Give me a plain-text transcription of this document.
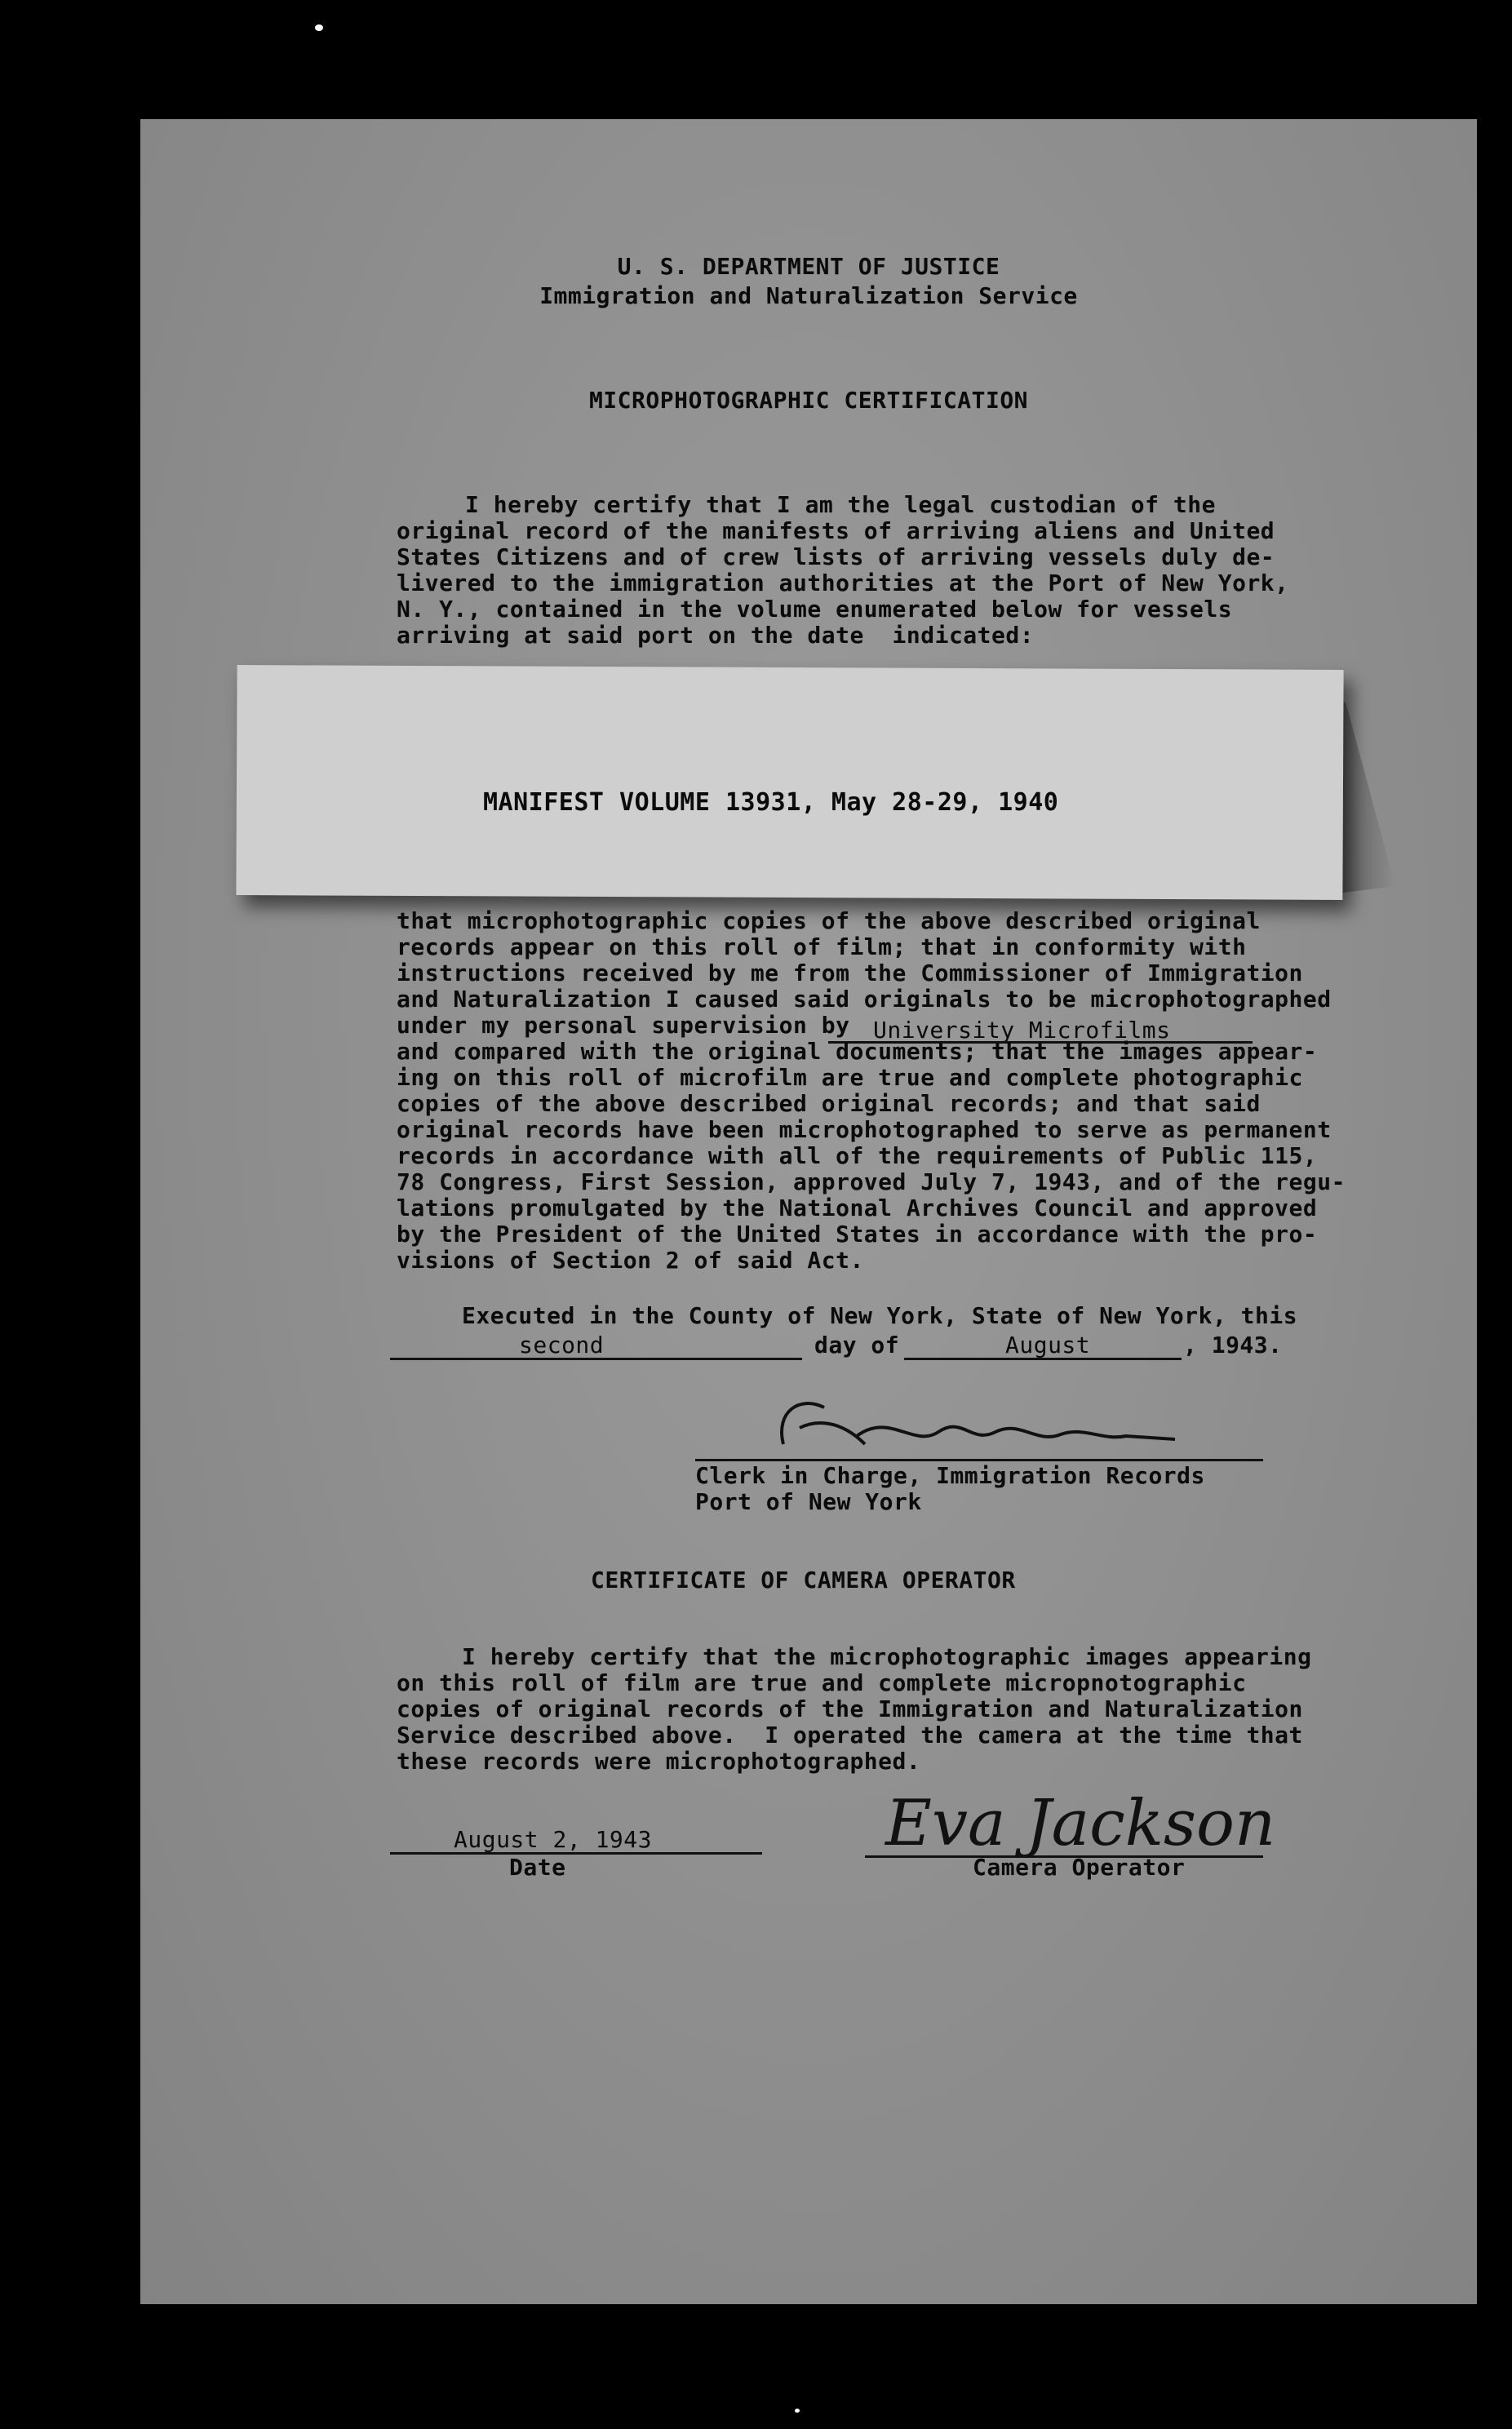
U. S. DEPARTMENT OF JUSTICE
Immigration and Naturalization Service
MICROPHOTOGRAPHIC CERTIFICATION
I hereby certify that I am the legal custodian of the
original record of the manifests of arriving aliens and United
States Citizens and of crew lists of arriving vessels duly de-
livered to the immigration authorities at the Port of New York,
N. Y., contained in the volume enumerated below for vessels
arriving at said port on the date  indicated:
MANIFEST VOLUME 13931, May 28-29, 1940
that microphotographic copies of the above described original
records appear on this roll of film; that in conformity with
instructions received by me from the Commissioner of Immigration
and Naturalization I caused said originals to be microphotographed
under my personal supervision by University Microfilms
and compared with the original documents; that the images appear-
ing on this roll of microfilm are true and complete photographic
copies of the above described original records; and that said
original records have been microphotographed to serve as permanent
records in accordance with all of the requirements of Public 115,
78 Congress, First Session, approved July 7, 1943, and of the regu-
lations promulgated by the National Archives Council and approved
by the President of the United States in accordance with the pro-
visions of Section 2 of said Act.
Executed in the County of New York, State of New York, this
second	day of	August	, 1943.
Clerk in Charge, Immigration Records
Port of New York
CERTIFICATE OF CAMERA OPERATOR
I hereby certify that the microphotographic images appearing
on this roll of film are true and complete micropnotographic
copies of original records of the Immigration and Naturalization
Service described above.  I operated the camera at the time that
these records were microphotographed.
August 2, 1943
Date
Eva Jackson
Camera Operator
